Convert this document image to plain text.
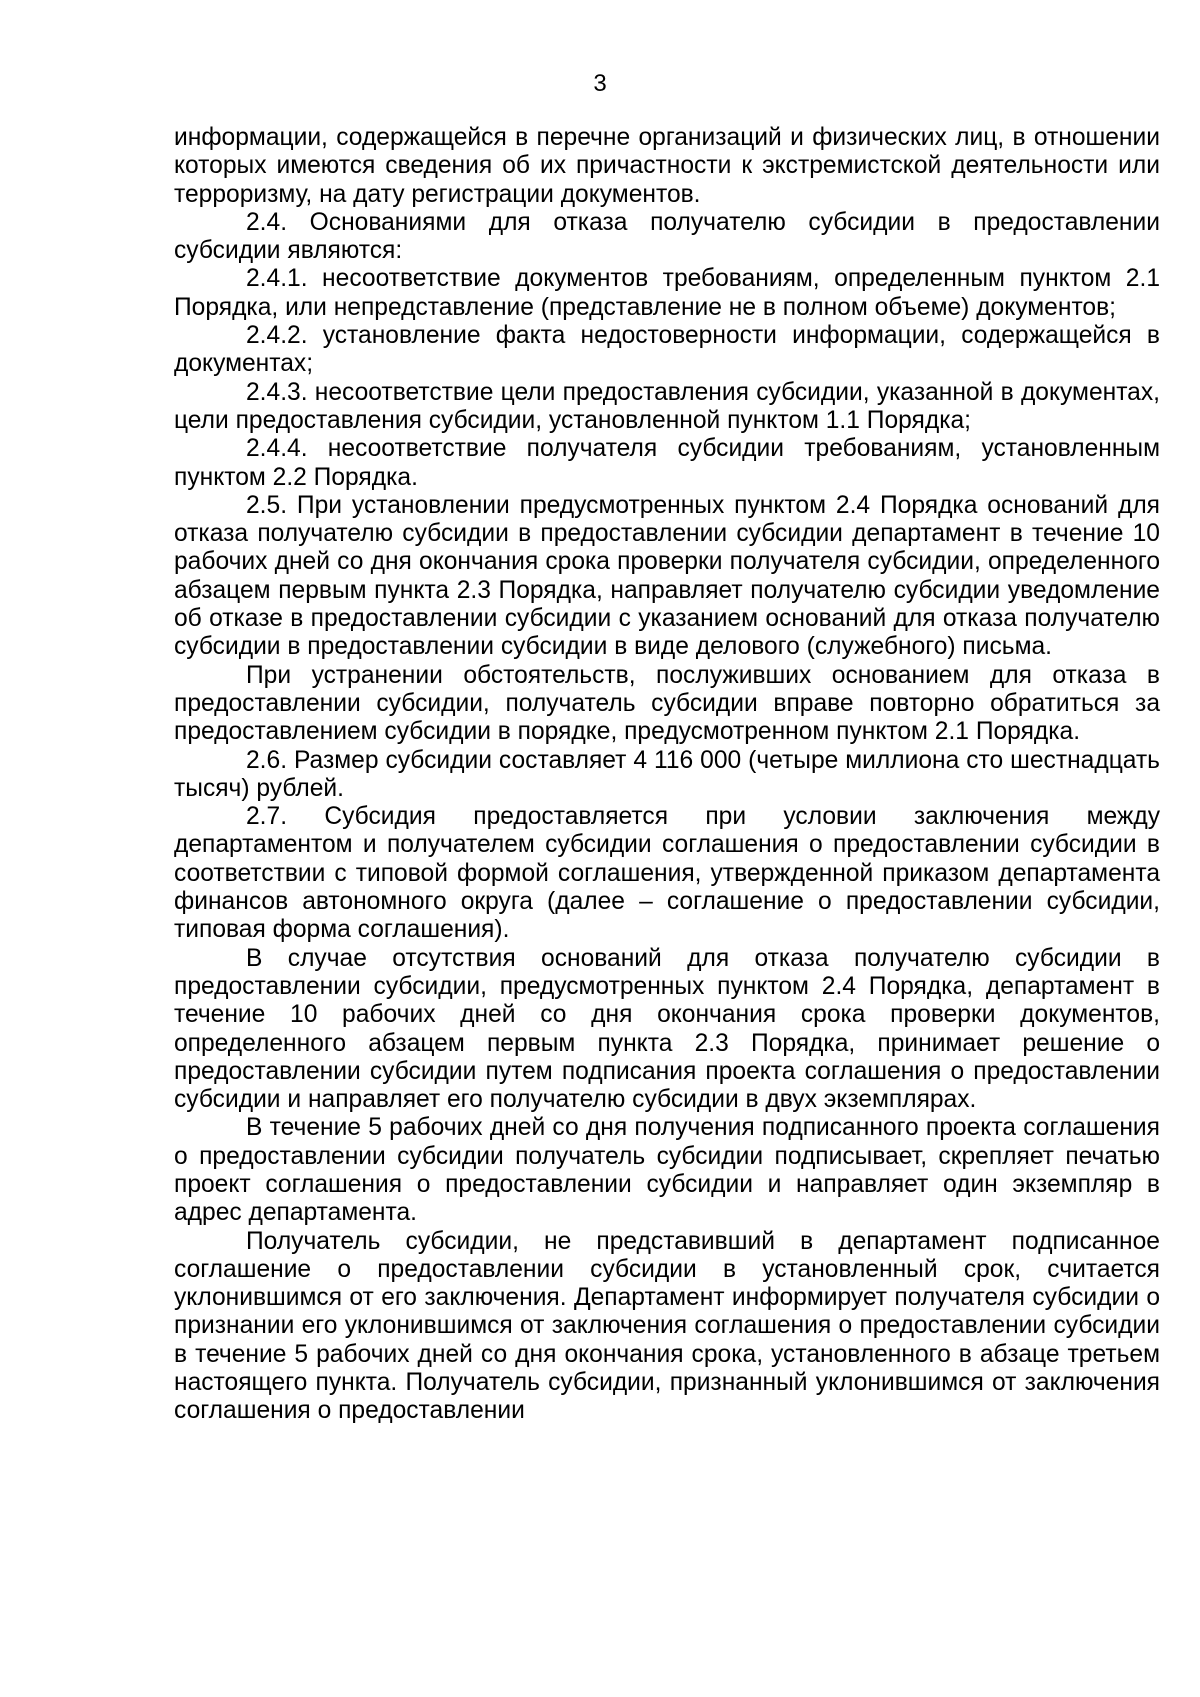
3

информации, содержащейся в перечне организаций и физических лиц, в отношении которых имеются сведения об их причастности к экстремистской деятельности или терроризму, на дату регистрации документов.

2.4. Основаниями для отказа получателю субсидии в предоставлении субсидии являются:

2.4.1. несоответствие документов требованиям, определенным пунктом 2.1 Порядка, или непредставление (представление не в полном объеме) документов;

2.4.2. установление факта недостоверности информации, содержащейся в документах;

2.4.3. несоответствие цели предоставления субсидии, указанной в документах, цели предоставления субсидии, установленной пунктом 1.1 Порядка;

2.4.4. несоответствие получателя субсидии требованиям, установленным пунктом 2.2 Порядка.

2.5. При установлении предусмотренных пунктом 2.4 Порядка оснований для отказа получателю субсидии в предоставлении субсидии департамент в течение 10 рабочих дней со дня окончания срока проверки получателя субсидии, определенного абзацем первым пункта 2.3 Порядка, направляет получателю субсидии уведомление об отказе в предоставлении субсидии с указанием оснований для отказа получателю субсидии в предоставлении субсидии в виде делового (служебного) письма.

При устранении обстоятельств, послуживших основанием для отказа в предоставлении субсидии, получатель субсидии вправе повторно обратиться за предоставлением субсидии в порядке, предусмотренном пунктом 2.1 Порядка.

2.6. Размер субсидии составляет 4 116 000 (четыре миллиона сто шестнадцать тысяч) рублей.

2.7. Субсидия предоставляется при условии заключения между департаментом и получателем субсидии соглашения о предоставлении субсидии в соответствии с типовой формой соглашения, утвержденной приказом департамента финансов автономного округа (далее – соглашение о предоставлении субсидии, типовая форма соглашения).

В случае отсутствия оснований для отказа получателю субсидии в предоставлении субсидии, предусмотренных пунктом 2.4 Порядка, департамент в течение 10 рабочих дней со дня окончания срока проверки документов, определенного абзацем первым пункта 2.3 Порядка, принимает решение о предоставлении субсидии путем подписания проекта соглашения о предоставлении субсидии и направляет его получателю субсидии в двух экземплярах.

В течение 5 рабочих дней со дня получения подписанного проекта соглашения о предоставлении субсидии получатель субсидии подписывает, скрепляет печатью проект соглашения о предоставлении субсидии и направляет один экземпляр в адрес департамента.

Получатель субсидии, не представивший в департамент подписанное соглашение о предоставлении субсидии в установленный срок, считается уклонившимся от его заключения. Департамент информирует получателя субсидии о признании его уклонившимся от заключения соглашения о предоставлении субсидии в течение 5 рабочих дней со дня окончания срока, установленного в абзаце третьем настоящего пункта. Получатель субсидии, признанный уклонившимся от заключения соглашения о предоставлении
